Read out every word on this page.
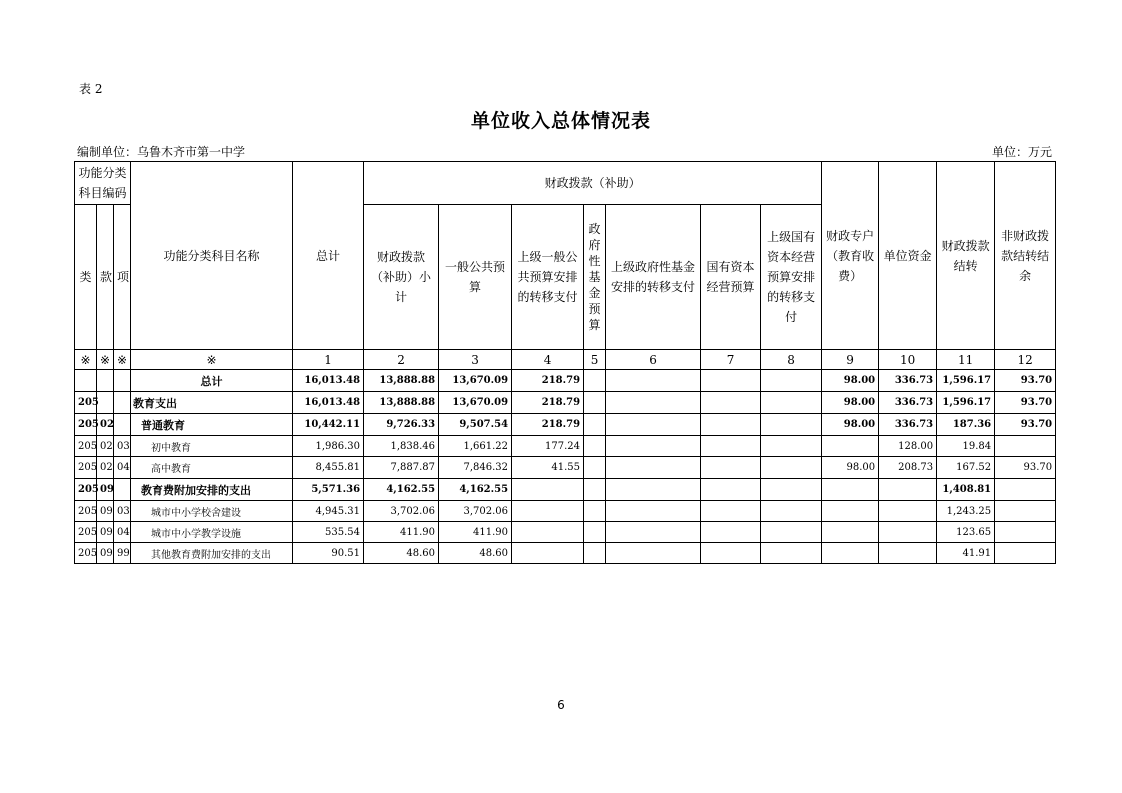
表 2
单位收入总体情况表
编制单位：乌鲁木齐市第一中学	单位：万元
功能分类科目编码			功能分类科目名称	总计	财政拨款（补助）							财政专户（教育收费）	单位资金	财政拨款结转	非财政拨款结转结余
类	款	项			财政拨款（补助）小计	一般公共预算	上级一般公共预算安排的转移支付	政府性基金预算	上级政府性基金安排的转移支付	国有资本经营预算	上级国有资本经营预算安排的转移支付				
※	※	※	※	1	2	3	4	5	6	7	8	9	10	11	12
			总计	16,013.48	13,888.88	13,670.09	218.79					98.00	336.73	1,596.17	93.70
205			教育支出	16,013.48	13,888.88	13,670.09	218.79					98.00	336.73	1,596.17	93.70
205	02		普通教育	10,442.11	9,726.33	9,507.54	218.79					98.00	336.73	187.36	93.70
205	02	03	初中教育	1,986.30	1,838.46	1,661.22	177.24						128.00	19.84	
205	02	04	高中教育	8,455.81	7,887.87	7,846.32	41.55					98.00	208.73	167.52	93.70
205	09		教育费附加安排的支出	5,571.36	4,162.55	4,162.55								1,408.81	
205	09	03	城市中小学校舍建设	4,945.31	3,702.06	3,702.06								1,243.25	
205	09	04	城市中小学教学设施	535.54	411.90	411.90								123.65	
205	09	99	其他教育费附加安排的支出	90.51	48.60	48.60								41.91	
6
